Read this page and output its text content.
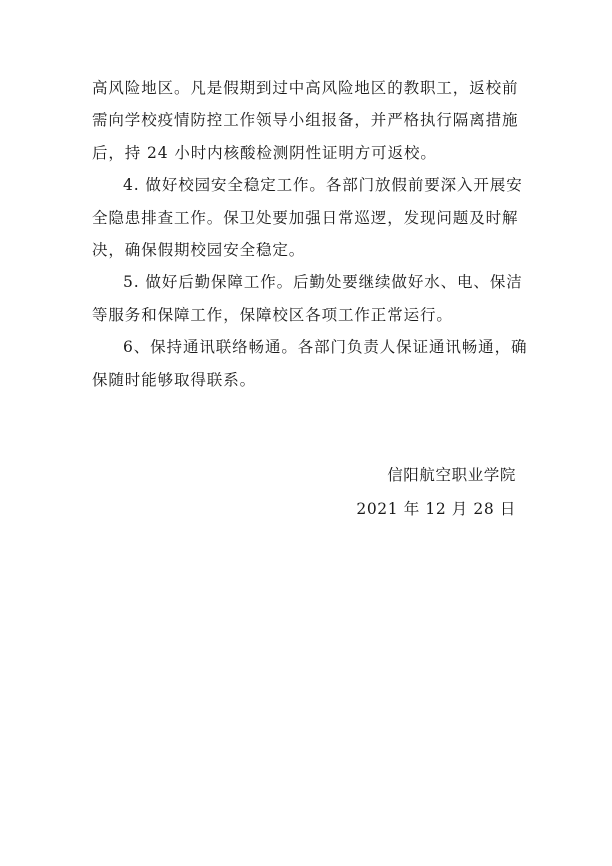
高风险地区。凡是假期到过中高风险地区的教职工，返校前
需向学校疫情防控工作领导小组报备，并严格执行隔离措施
后，持 24 小时内核酸检测阴性证明方可返校。
4. 做好校园安全稳定工作。各部门放假前要深入开展安
全隐患排查工作。保卫处要加强日常巡逻，发现问题及时解
决，确保假期校园安全稳定。
5. 做好后勤保障工作。后勤处要继续做好水、电、保洁
等服务和保障工作，保障校区各项工作正常运行。
6、保持通讯联络畅通。各部门负责人保证通讯畅通，确
保随时能够取得联系。
信阳航空职业学院
2021 年 12 月 28 日
